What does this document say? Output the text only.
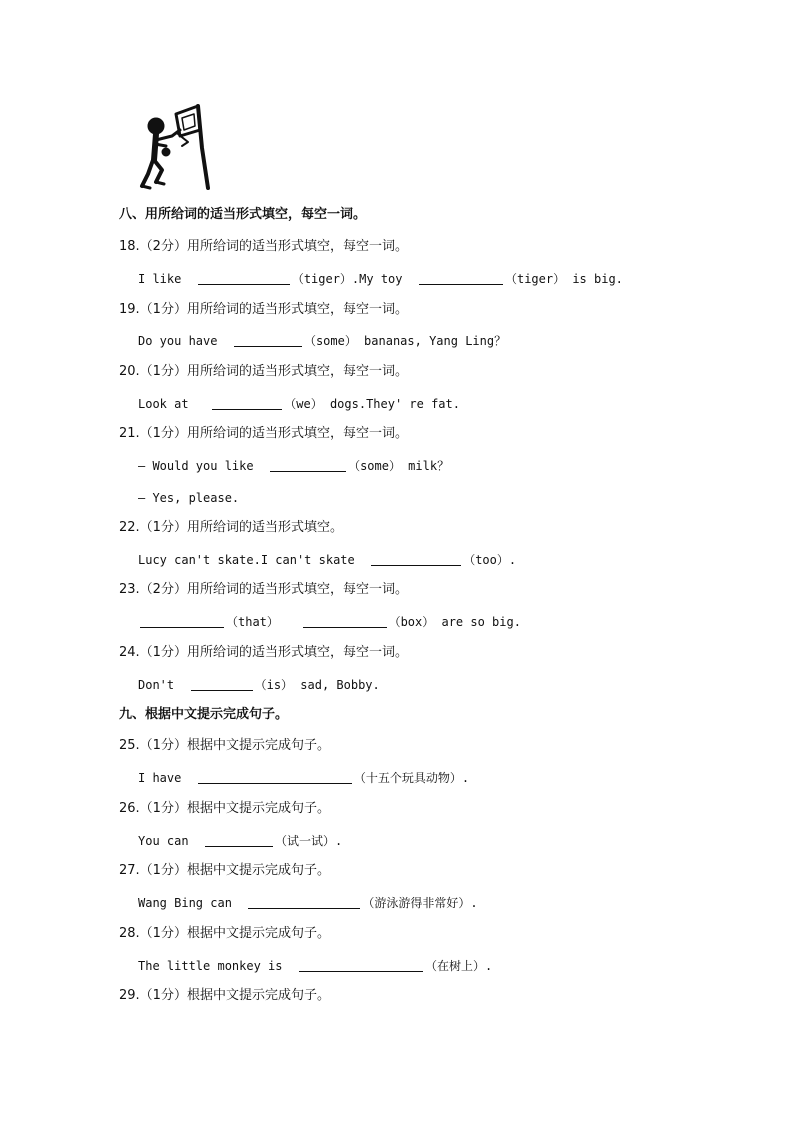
八、用所给词的适当形式填空，每空一词。
18.（2分）用所给词的适当形式填空，每空一词。
I like	（tiger）.My toy	（tiger） is big.
19.（1分）用所给词的适当形式填空，每空一词。
Do you have	（some） bananas, Yang Ling？
20.（1分）用所给词的适当形式填空，每空一词。
Look at	（we） dogs.They' re fat.
21.（1分）用所给词的适当形式填空，每空一词。
— Would you like	（some） milk？
— Yes, please.
22.（1分）用所给词的适当形式填空。
Lucy can't skate.I can't skate	（too）.
23.（2分）用所给词的适当形式填空，每空一词。
（that）	（box） are so big.
24.（1分）用所给词的适当形式填空，每空一词。
Don't	（is） sad, Bobby.
九、根据中文提示完成句子。
25.（1分）根据中文提示完成句子。
I have	（十五个玩具动物）.
26.（1分）根据中文提示完成句子。
You can	（试一试）.
27.（1分）根据中文提示完成句子。
Wang Bing can	（游泳游得非常好）.
28.（1分）根据中文提示完成句子。
The little monkey is	（在树上）.
29.（1分）根据中文提示完成句子。
